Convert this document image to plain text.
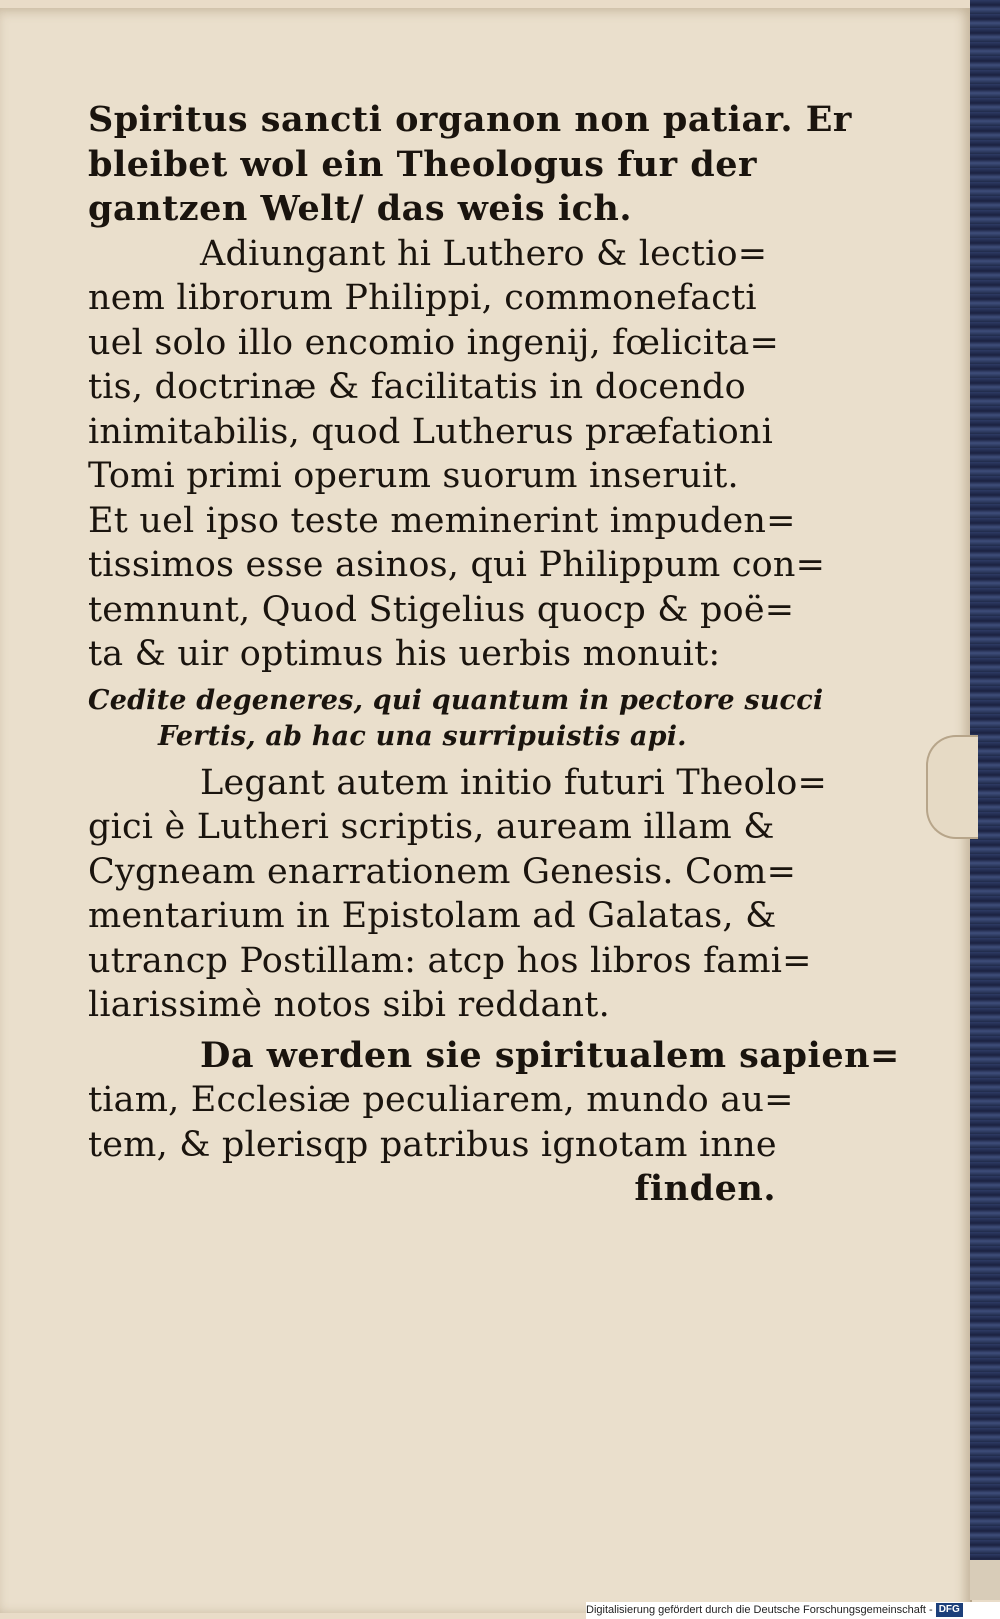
Spiritus sancti organon non patiar. Er
bleibet wol ein Theologus fur der
gantzen Welt/ das weis ich.
Adiungant hi Luthero & lectio=
nem librorum Philippi, commonefacti
uel solo illo encomio ingenij, fœlicita=
tis, doctrinæ & facilitatis in docendo
inimitabilis, quod Lutherus præfationi
Tomi primi operum suorum inseruit.
Et uel ipso teste meminerint impuden=
tissimos esse asinos, qui Philippum con=
temnunt, Quod Stigelius quocp & poë=
ta & uir optimus his uerbis monuit:
Cedite degeneres, qui quantum in pectore succi
Fertis, ab hac una surripuistis api.
Legant autem initio futuri Theolo=
gici è Lutheri scriptis, auream illam &
Cygneam enarrationem Genesis. Com=
mentarium in Epistolam ad Galatas, &
utrancp Postillam: atcp hos libros fami=
liarissimè notos sibi reddant.
Da werden sie spiritualem sapien=
tiam, Ecclesiæ peculiarem, mundo au=
tem, & plerisqp patribus ignotam inne
finden.
Digitalisierung gefördert durch die Deutsche Forschungsgemeinschaft - DFG
